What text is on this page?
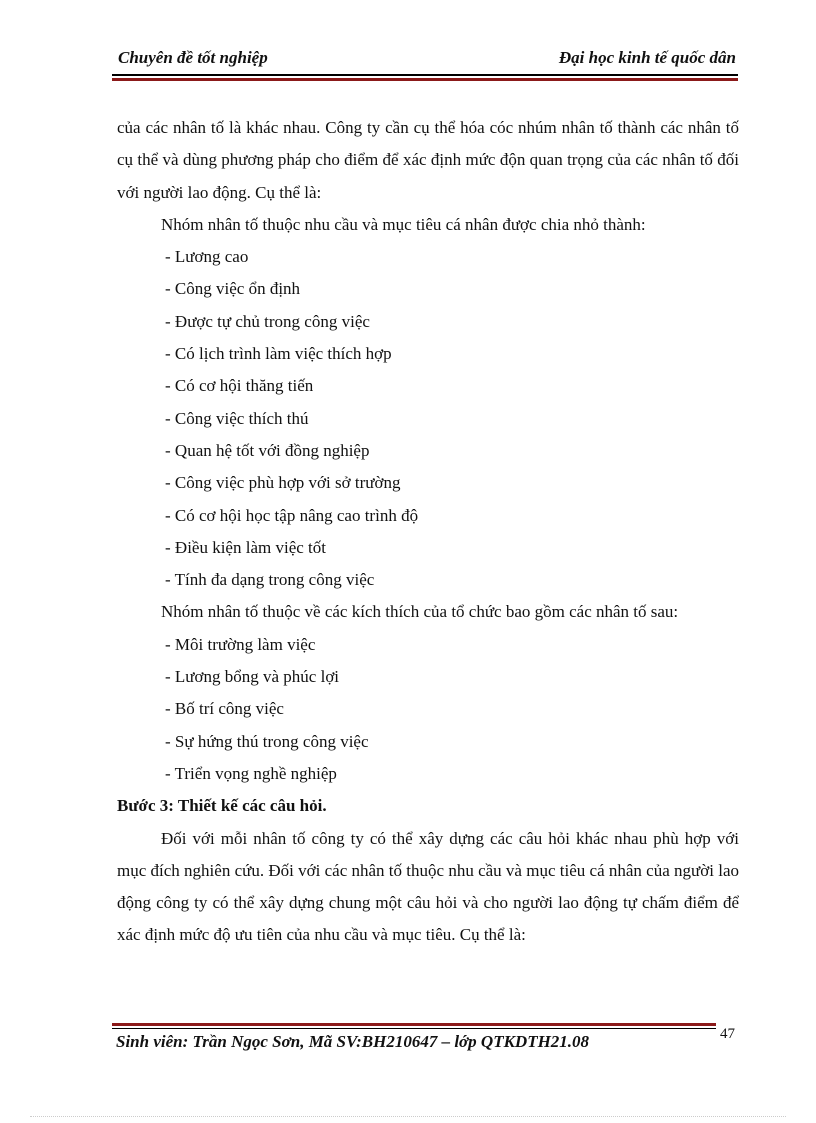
Chuyên đề tốt nghiệp	Đại học kinh tế quốc dân

của các nhân tố là khác nhau. Công ty cần cụ thể hóa cóc nhúm nhân tố thành các nhân tố cụ thể và dùng phương pháp cho điểm để xác định mức độn quan trọng của các nhân tố đối với người lao động. Cụ thể là:

Nhóm nhân tố thuộc nhu cầu và mục tiêu cá nhân được chia nhỏ thành:

- Lương cao

- Công việc ổn định

- Được tự chủ trong công việc

- Có lịch trình làm việc thích hợp

- Có cơ hội thăng tiến

- Công việc thích thú

- Quan hệ tốt với đồng nghiệp

- Công việc phù hợp với sở trường

- Có cơ hội học tập nâng cao trình độ

- Điều kiện làm việc tốt

- Tính đa dạng trong công việc

Nhóm nhân tố thuộc về các kích thích của tổ chức bao gồm các nhân tố sau:

- Môi trường làm việc

- Lương bổng và phúc lợi

- Bố trí công việc

- Sự hứng thú trong công việc

- Triển vọng nghề nghiệp

Bước 3: Thiết kế các câu hỏi.

Đối với mỗi nhân tố công ty có thể xây dựng các câu hỏi khác nhau phù hợp với mục đích nghiên cứu. Đối với các nhân tố thuộc nhu cầu và mục tiêu cá nhân của người lao động công ty có thể xây dựng chung một câu hỏi và cho người lao động tự chấm điểm để xác định mức độ ưu tiên của nhu cầu và mục tiêu. Cụ thể là:

Sinh viên: Trần Ngọc Sơn, Mã SV:BH210647 – lớp QTKDTH21.08	47
